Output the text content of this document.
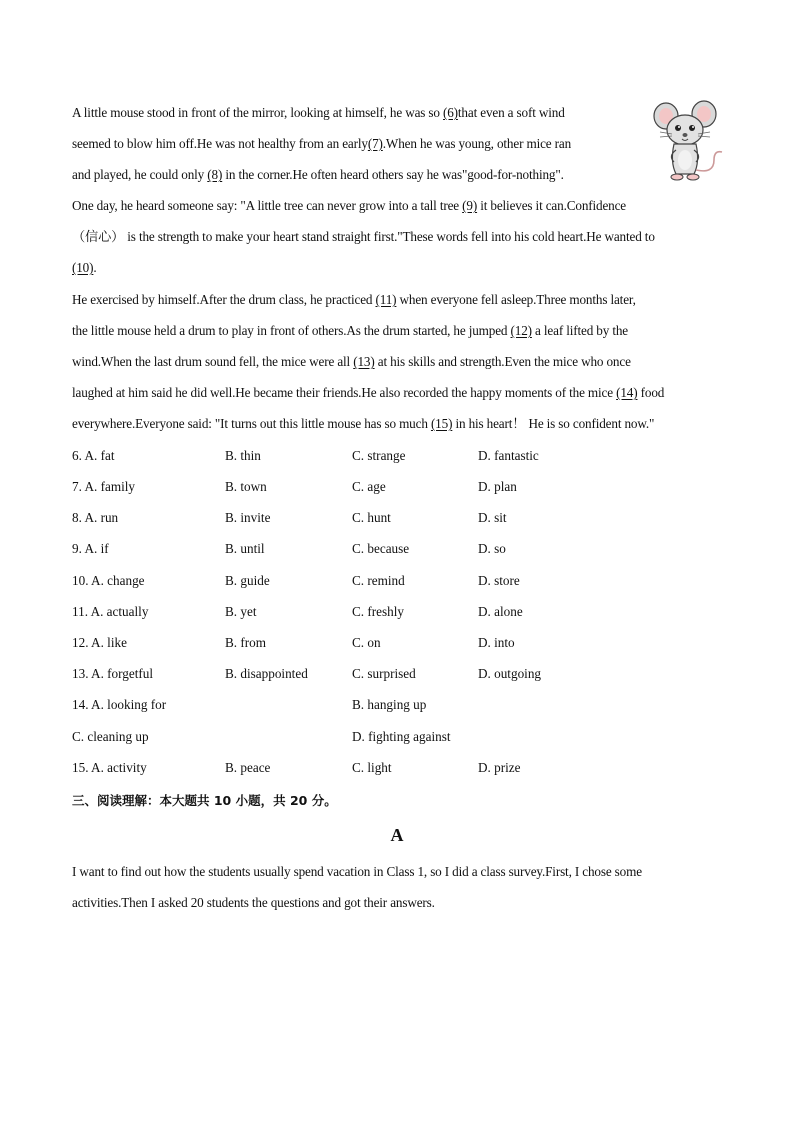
A little mouse stood in front of the mirror, looking at himself, he was so (6)that even a soft wind
seemed to blow him off.He was not healthy from an early(7).When he was young, other mice ran
and played, he could only (8) in the corner.He often heard others say he was"good-for-nothing".
One day, he heard someone say: "A little tree can never grow into a tall tree (9) it believes it can.Confidence
（信心） is the strength to make your heart stand straight first."These words fell into his cold heart.He wanted to
(10).
He exercised by himself.After the drum class, he practiced (11) when everyone fell asleep.Three months later,
the little mouse held a drum to play in front of others.As the drum started, he jumped (12) a leaf lifted by the
wind.When the last drum sound fell, the mice were all (13) at his skills and strength.Even the mice who once
laughed at him said he did well.He became their friends.He also recorded the happy moments of the mice (14) food
everywhere.Everyone said: "It turns out this little mouse has so much (15) in his heart！ He is so confident now."
6. A. fat	B. thin	C. strange	D. fantastic
7. A. family	B. town	C. age	D. plan
8. A. run	B. invite	C. hunt	D. sit
9. A. if	B. until	C. because	D. so
10. A. change	B. guide	C. remind	D. store
11. A. actually	B. yet	C. freshly	D. alone
12. A. like	B. from	C. on	D. into
13. A. forgetful	B. disappointed	C. surprised	D. outgoing
14. A. looking for	B. hanging up
C. cleaning up	D. fighting against
15. A. activity	B. peace	C. light	D. prize
三、阅读理解：本大题共 10 小题，共 20 分。
A
I want to find out how the students usually spend vacation in Class 1, so I did a class survey.First, I chose some
activities.Then I asked 20 students the questions and got their answers.
